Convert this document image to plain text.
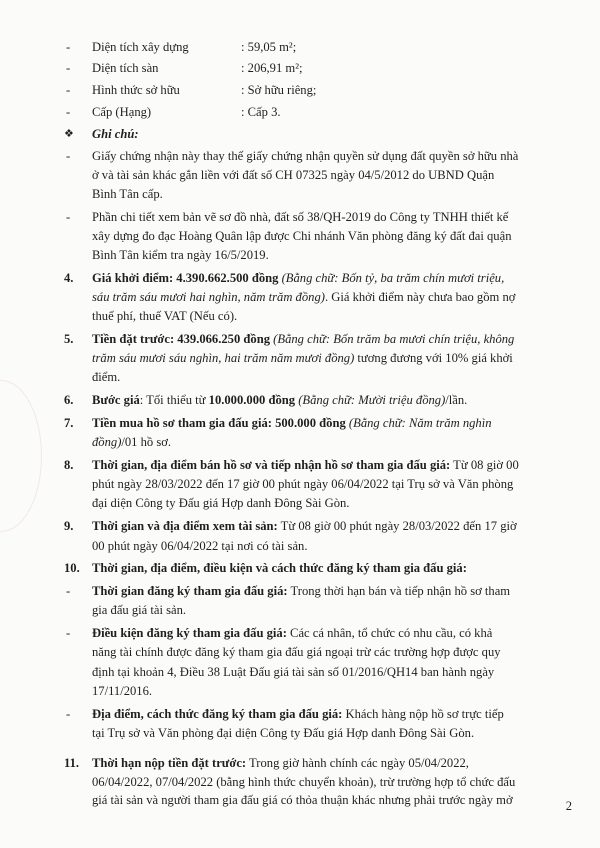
- Diện tích xây dựng	: 59,05 m²;
- Diện tích sàn	: 206,91 m²;
- Hình thức sở hữu	: Sở hữu riêng;
- Cấp (Hạng)	: Cấp 3.
❖ Ghi chú:
- Giấy chứng nhận này thay thế giấy chứng nhận quyền sử dụng đất quyền sở hữu nhà
ở và tài sản khác gắn liền với đất số CH 07325 ngày 04/5/2012 do UBND Quận
Bình Tân cấp.
- Phần chi tiết xem bản vẽ sơ đồ nhà, đất số 38/QH-2019 do Công ty TNHH thiết kế
xây dựng đo đạc Hoàng Quân lập được Chi nhánh Văn phòng đăng ký đất đai quận
Bình Tân kiểm tra ngày 16/5/2019.
4. Giá khởi điểm: 4.390.662.500 đồng (Bằng chữ: Bốn tỷ, ba trăm chín mươi triệu,
sáu trăm sáu mươi hai nghìn, năm trăm đồng). Giá khởi điểm này chưa bao gồm nợ
thuế phí, thuế VAT (Nếu có).
5. Tiền đặt trước: 439.066.250 đồng (Bằng chữ: Bốn trăm ba mươi chín triệu, không
trăm sáu mươi sáu nghìn, hai trăm năm mươi đồng) tương đương với 10% giá khởi
điểm.
6. Bước giá: Tối thiểu từ 10.000.000 đồng (Bằng chữ: Mười triệu đồng)/lần.
7. Tiền mua hồ sơ tham gia đấu giá: 500.000 đồng (Bằng chữ: Năm trăm nghìn
đồng)/01 hồ sơ.
8. Thời gian, địa điểm bán hồ sơ và tiếp nhận hồ sơ tham gia đấu giá: Từ 08 giờ 00
phút ngày 28/03/2022 đến 17 giờ 00 phút ngày 06/04/2022 tại Trụ sở và Văn phòng
đại diện Công ty Đấu giá Hợp danh Đông Sài Gòn.
9. Thời gian và địa điểm xem tài sản: Từ 08 giờ 00 phút ngày 28/03/2022 đến 17 giờ
00 phút ngày 06/04/2022 tại nơi có tài sản.
10. Thời gian, địa điểm, điều kiện và cách thức đăng ký tham gia đấu giá:
- Thời gian đăng ký tham gia đấu giá: Trong thời hạn bán và tiếp nhận hồ sơ tham
gia đấu giá tài sản.
- Điều kiện đăng ký tham gia đấu giá: Các cá nhân, tổ chức có nhu cầu, có khả
năng tài chính được đăng ký tham gia đấu giá ngoại trừ các trường hợp được quy
định tại khoản 4, Điều 38 Luật Đấu giá tài sản số 01/2016/QH14 ban hành ngày
17/11/2016.
- Địa điểm, cách thức đăng ký tham gia đấu giá: Khách hàng nộp hồ sơ trực tiếp
tại Trụ sở và Văn phòng đại diện Công ty Đấu giá Hợp danh Đông Sài Gòn.
11. Thời hạn nộp tiền đặt trước: Trong giờ hành chính các ngày 05/04/2022,
06/04/2022, 07/04/2022 (bằng hình thức chuyển khoản), trừ trường hợp tổ chức đấu
giá tài sản và người tham gia đấu giá có thỏa thuận khác nhưng phải trước ngày mở	2
